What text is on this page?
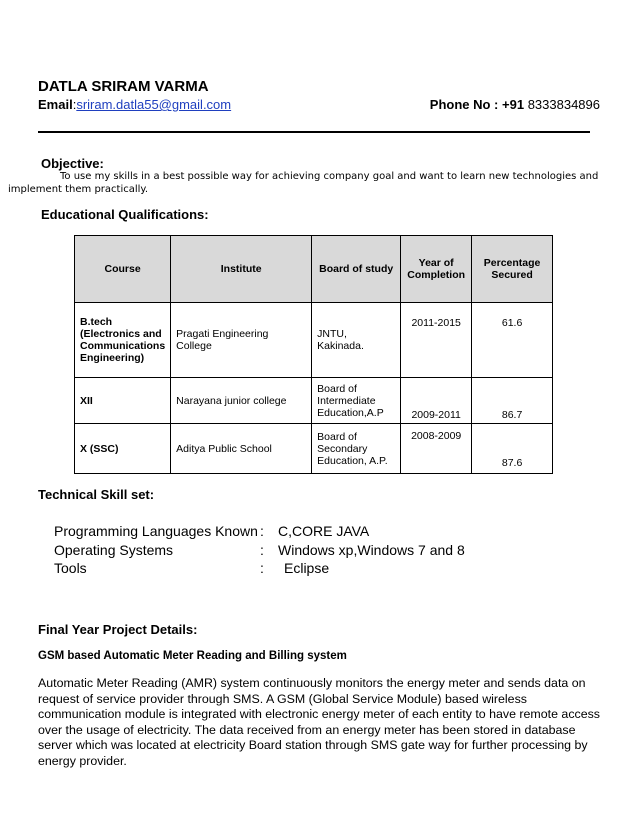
DATLA SRIRAM VARMA
Email:sriram.datla55@gmail.com	Phone No : +91 8333834896
Objective:
To use my skills in a best possible way for achieving company goal and want to learn new technologies and implement them practically.
Educational Qualifications:
Course	Institute	Board of study	Year of Completion	Percentage Secured
B.tech (Electronics and Communications Engineering)	Pragati Engineering College	JNTU, Kakinada.	2011-2015	61.6
XII	Narayana junior college	Board of Intermediate Education,A.P	2009-2011	86.7
X (SSC)	Aditya Public School	Board of Secondary Education, A.P.	2008-2009	87.6
Technical Skill set:
Programming Languages Known : C,CORE JAVA
Operating Systems	: Windows xp,Windows 7 and 8
Tools	: Eclipse
Final Year Project Details:
GSM based Automatic Meter Reading and Billing system
Automatic Meter Reading (AMR) system continuously monitors the energy meter and sends data on request of service provider through SMS. A GSM (Global Service Module) based wireless communication module is integrated with electronic energy meter of each entity to have remote access over the usage of electricity. The data received from an energy meter has been stored in database server which was located at electricity Board station through SMS gate way for further processing by energy provider.
